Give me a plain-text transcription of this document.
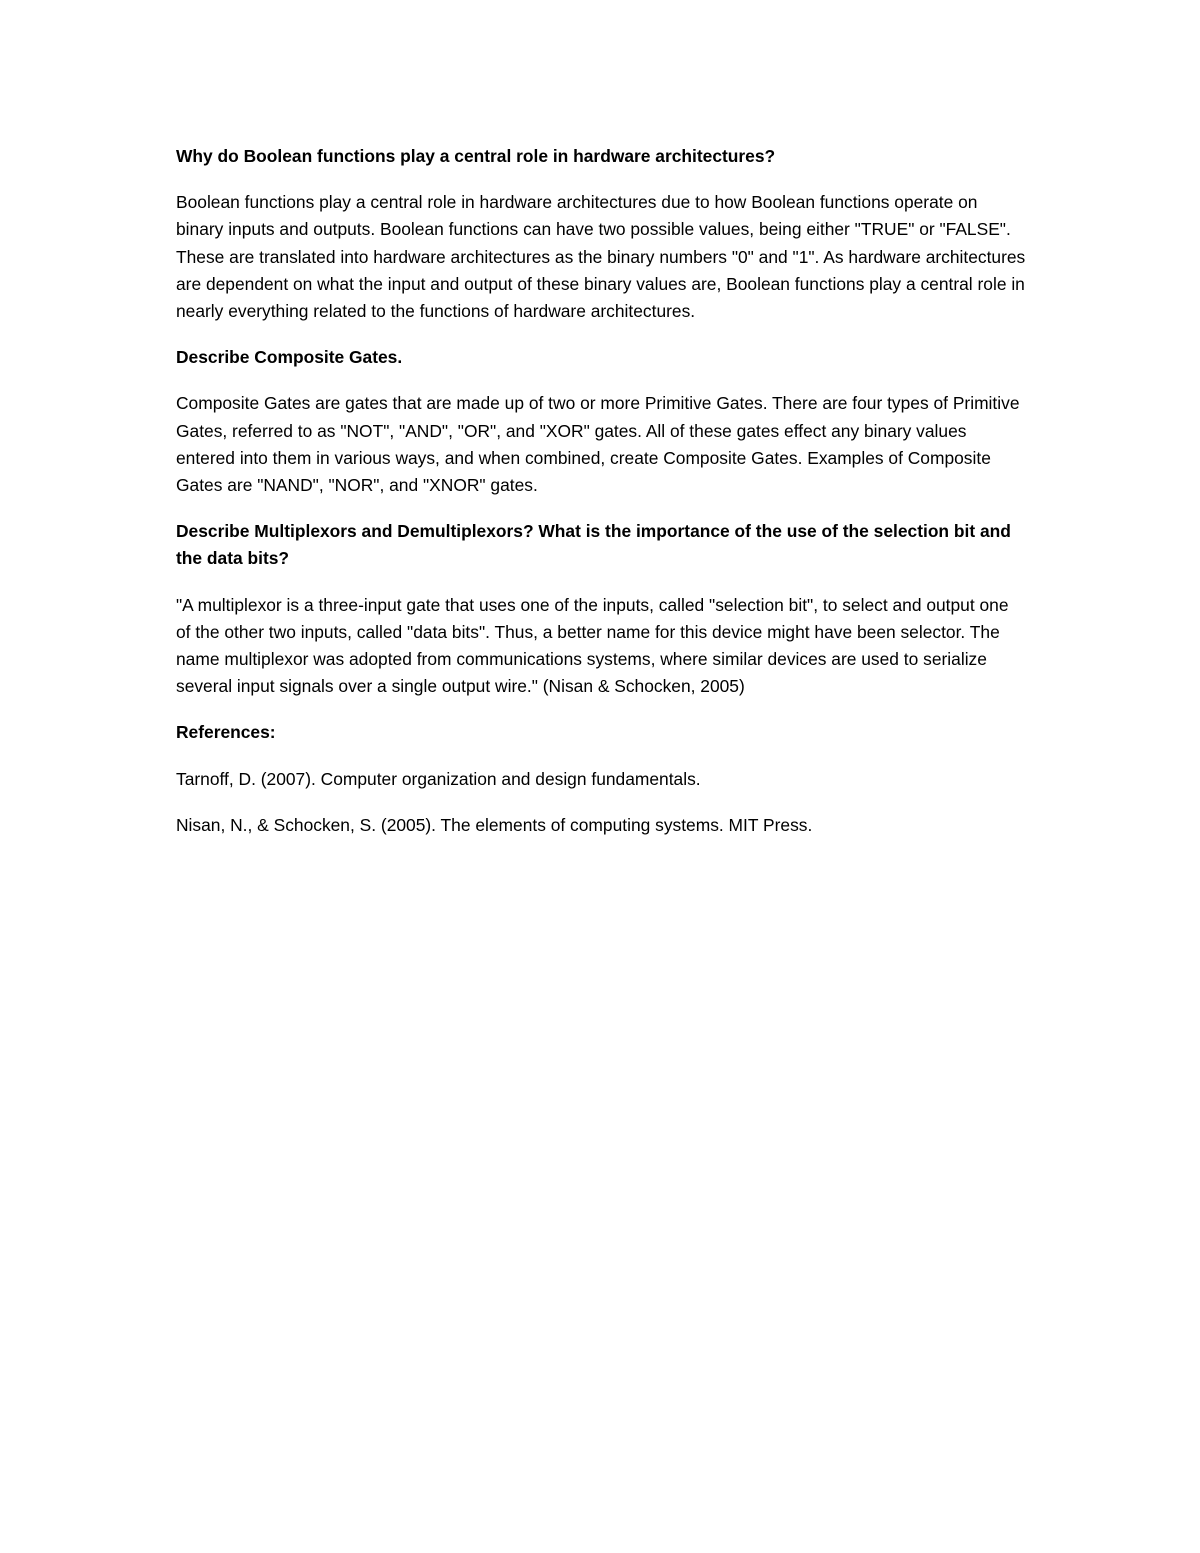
Why do Boolean functions play a central role in hardware architectures?

Boolean functions play a central role in hardware architectures due to how Boolean functions operate on binary inputs and outputs. Boolean functions can have two possible values, being either "TRUE" or "FALSE". These are translated into hardware architectures as the binary numbers "0" and "1". As hardware architectures are dependent on what the input and output of these binary values are, Boolean functions play a central role in nearly everything related to the functions of hardware architectures.

Describe Composite Gates.

Composite Gates are gates that are made up of two or more Primitive Gates. There are four types of Primitive Gates, referred to as "NOT", "AND", "OR", and "XOR" gates. All of these gates effect any binary values entered into them in various ways, and when combined, create Composite Gates. Examples of Composite Gates are "NAND", "NOR", and "XNOR" gates.

Describe Multiplexors and Demultiplexors? What is the importance of the use of the selection bit and the data bits?

"A multiplexor is a three-input gate that uses one of the inputs, called "selection bit", to select and output one of the other two inputs, called "data bits". Thus, a better name for this device might have been selector. The name multiplexor was adopted from communications systems, where similar devices are used to serialize several input signals over a single output wire." (Nisan & Schocken, 2005)

References:

Tarnoff, D. (2007). Computer organization and design fundamentals.

Nisan, N., & Schocken, S. (2005). The elements of computing systems. MIT Press.
